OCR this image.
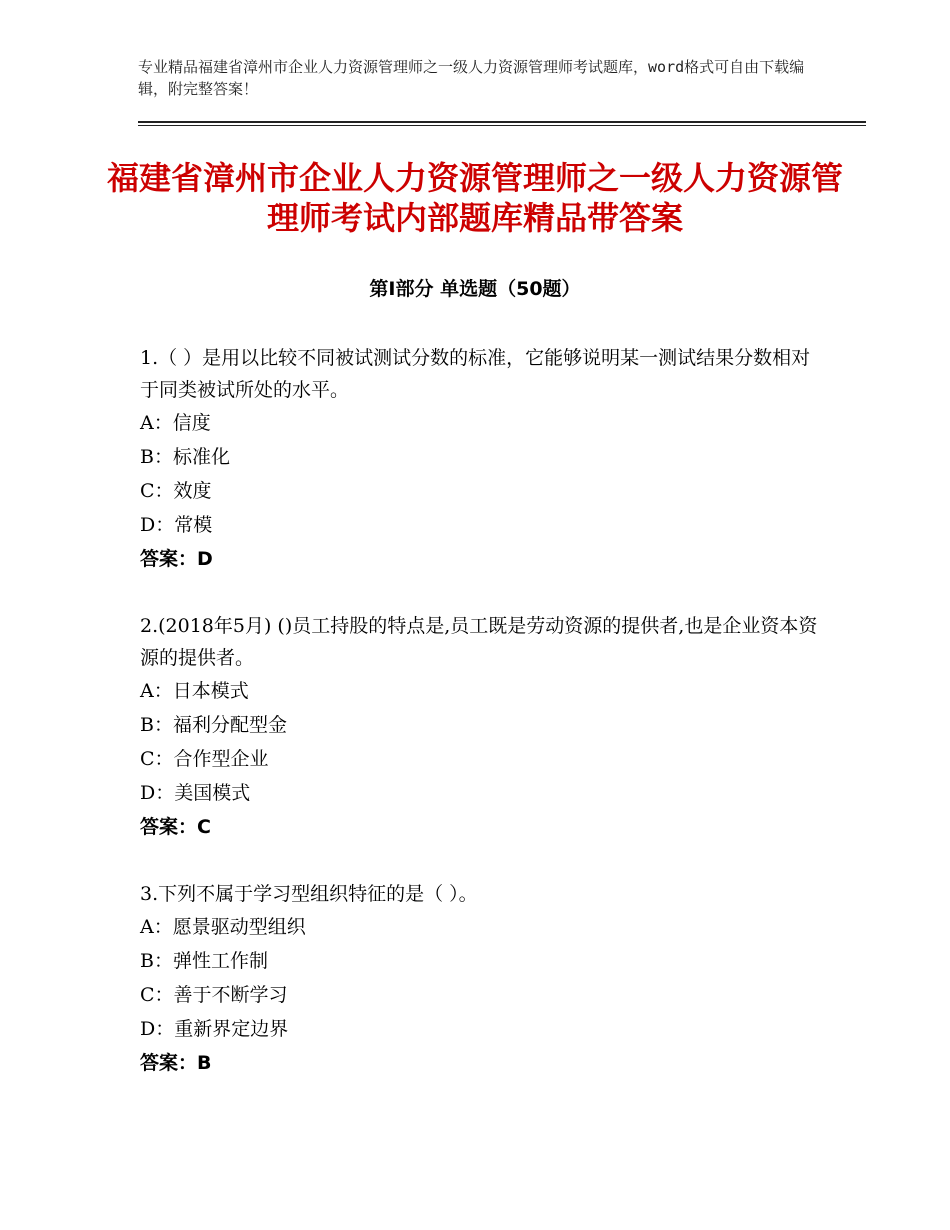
专业精品福建省漳州市企业人力资源管理师之一级人力资源管理师考试题库，word格式可自由下载编辑，附完整答案！
福建省漳州市企业人力资源管理师之一级人力资源管理师考试内部题库精品带答案
第Ⅰ部分 单选题（50题）

1.（ ）是用以比较不同被试测试分数的标准，它能够说明某一测试结果分数相对于同类被试所处的水平。

A：信度

B：标准化

C：效度

D：常模

答案：D

2.(2018年5月) ()员工持股的特点是,员工既是劳动资源的提供者,也是企业资本资源的提供者。

A：日本模式

B：福利分配型金

C：合作型企业

D：美国模式

答案：C

3.下列不属于学习型组织特征的是（ ）。

A：愿景驱动型组织

B：弹性工作制

C：善于不断学习

D：重新界定边界

答案：B
